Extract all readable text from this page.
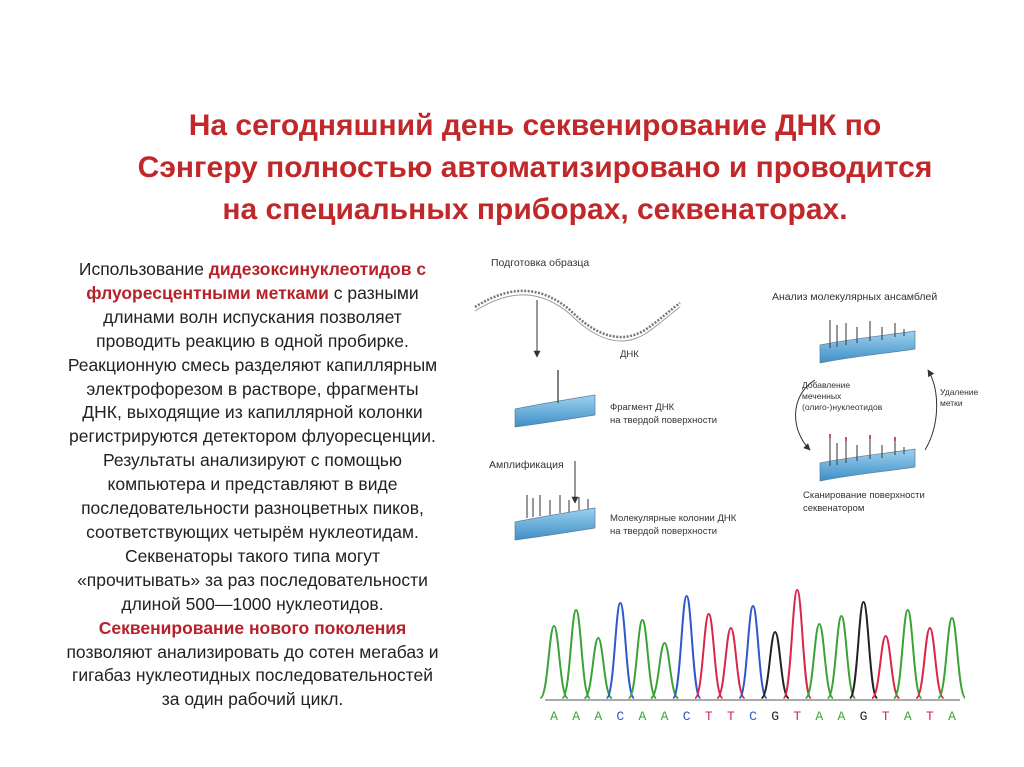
На сегодняшний день секвенирование ДНК по
Сэнгеру полностью автоматизировано и проводится
на специальных приборах, секвенаторах.
Использование дидезоксинуклеотидов с
флуоресцентными метками с разными
длинами волн испускания позволяет
проводить реакцию в одной пробирке.
Реакционную смесь разделяют капиллярным
электрофорезом в растворе, фрагменты
ДНК, выходящие из капиллярной колонки
регистрируются детектором флуоресценции.
Результаты анализируют с помощью
компьютера и представляют в виде
последовательности разноцветных пиков,
соответствующих четырём нуклеотидам.
Секвенаторы такого типа могут
«прочитывать» за раз последовательности
длиной 500—1000 нуклеотидов.
Секвенирование нового поколения
позволяют анализировать до сотен мегабаз и
гигабаз нуклеотидных последовательностей
за один рабочий цикл.
Подготовка образца
ДНК
Фрагмент ДНК
на твердой поверхности
Амплификация
Молекулярные колонии ДНК
на твердой поверхности
Анализ молекулярных ансамблей
Добавление
меченных
(олиго-)нуклеотидов
Удаление
метки
Сканирование поверхности
секвенатором
A A A C A A C T T C G T A A G T A T A
